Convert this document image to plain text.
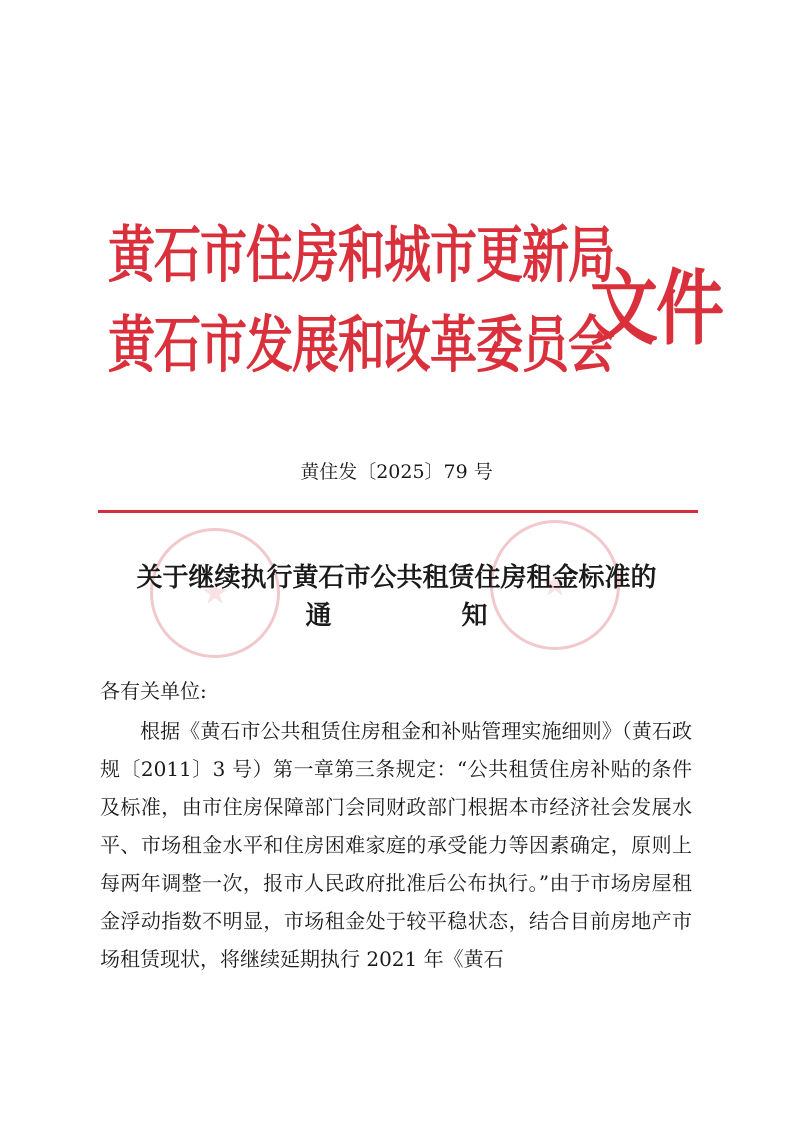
黄石市住房和城市更新局
黄石市发展和改革委员会
文件
黄住发〔2025〕79 号
关于继续执行黄石市公共租赁住房租金标准的
通	知
各有关单位:
根据《黄石市公共租赁住房租金和补贴管理实施细则》（黄石政规〔2011〕3 号）第一章第三条规定：“公共租赁住房补贴的条件及标准，由市住房保障部门会同财政部门根据本市经济社会发展水平、市场租金水平和住房困难家庭的承受能力等因素确定，原则上每两年调整一次，报市人民政府批准后公布执行。”由于市场房屋租金浮动指数不明显，市场租金处于较平稳状态，结合目前房地产市场租赁现状，将继续延期执行 2021 年《黄石
